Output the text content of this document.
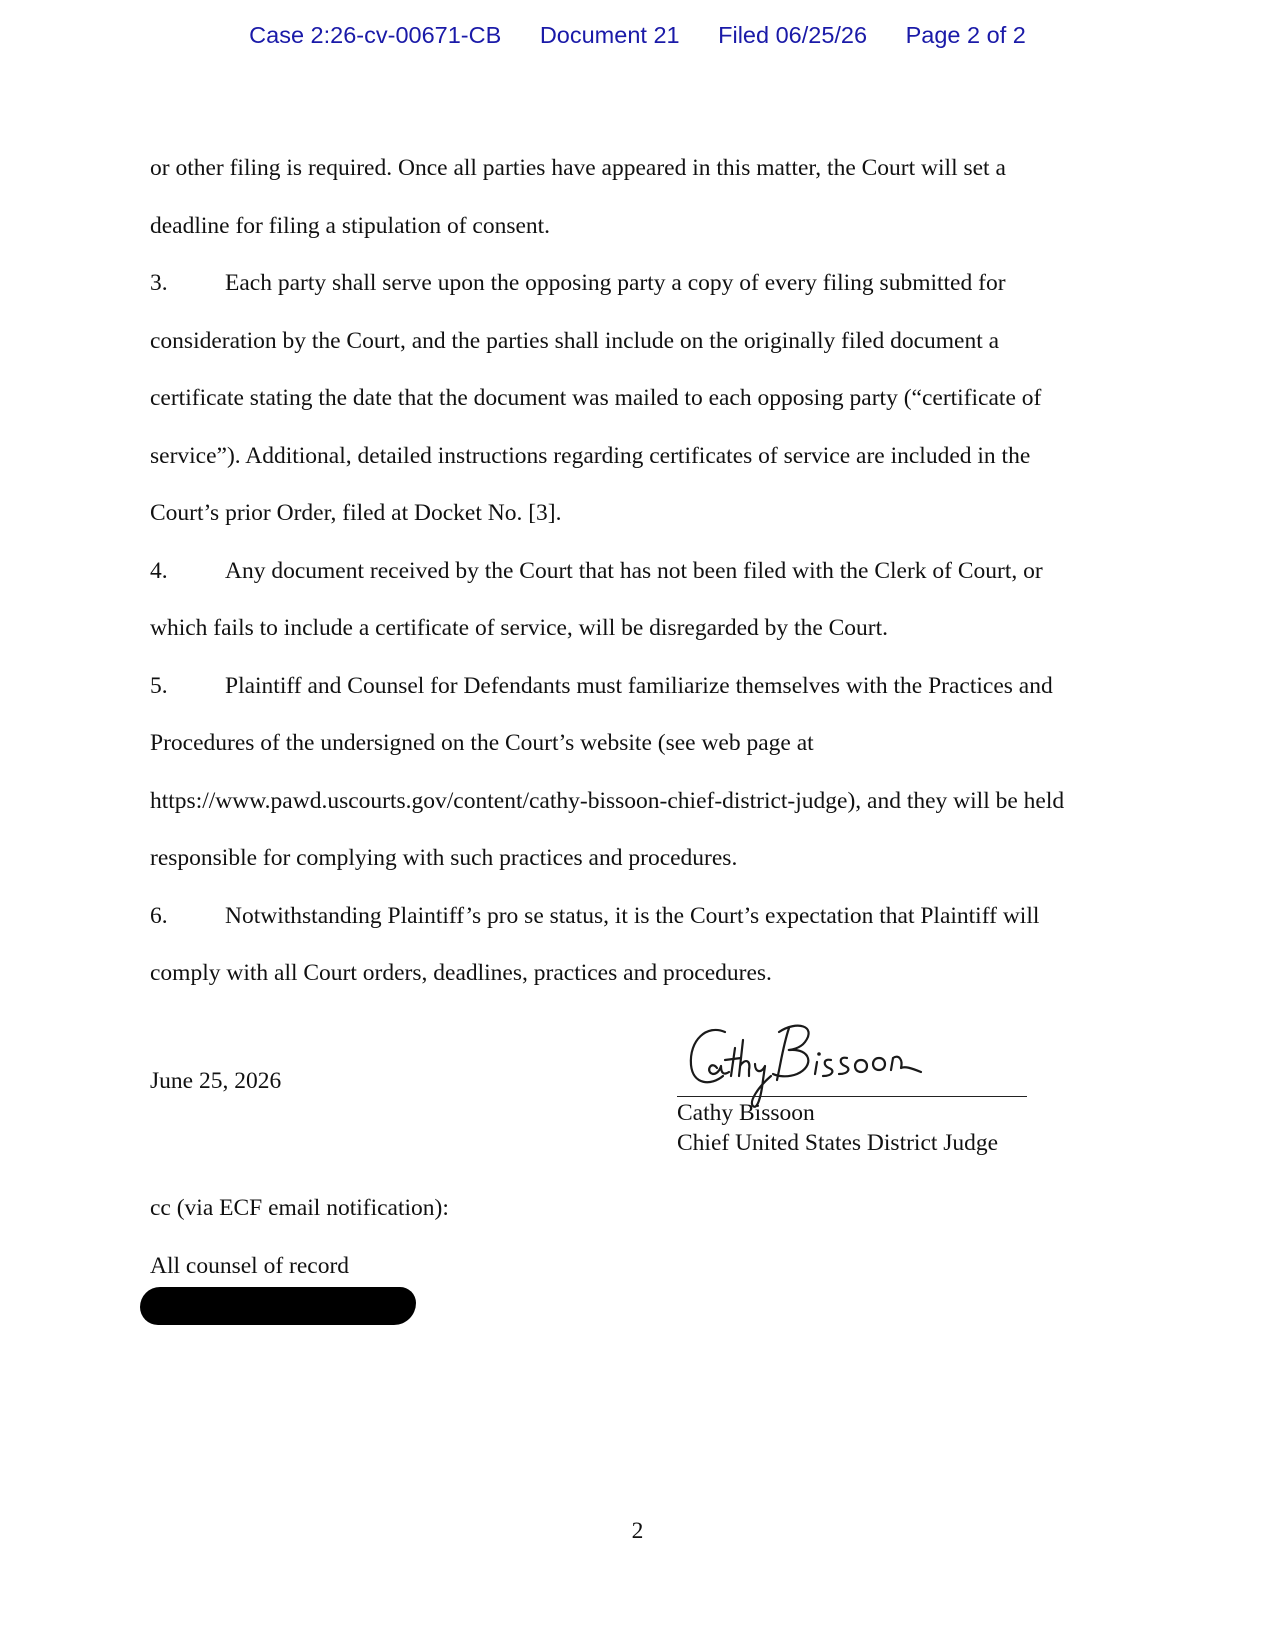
Case 2:26-cv-00671-CB Document 21 Filed 06/25/26 Page 2 of 2
or other filing is required. Once all parties have appeared in this matter, the Court will set a
deadline for filing a stipulation of consent.
3. Each party shall serve upon the opposing party a copy of every filing submitted for
consideration by the Court, and the parties shall include on the originally filed document a
certificate stating the date that the document was mailed to each opposing party (“certificate of
service”). Additional, detailed instructions regarding certificates of service are included in the
Court’s prior Order, filed at Docket No. [3].
4. Any document received by the Court that has not been filed with the Clerk of Court, or
which fails to include a certificate of service, will be disregarded by the Court.
5. Plaintiff and Counsel for Defendants must familiarize themselves with the Practices and
Procedures of the undersigned on the Court’s website (see web page at
https://www.pawd.uscourts.gov/content/cathy-bissoon-chief-district-judge), and they will be held
responsible for complying with such practices and procedures.
6. Notwithstanding Plaintiff’s pro se status, it is the Court’s expectation that Plaintiff will
comply with all Court orders, deadlines, practices and procedures.
June 25, 2026
Cathy Bissoon
Chief United States District Judge
cc (via ECF email notification):
All counsel of record
2
